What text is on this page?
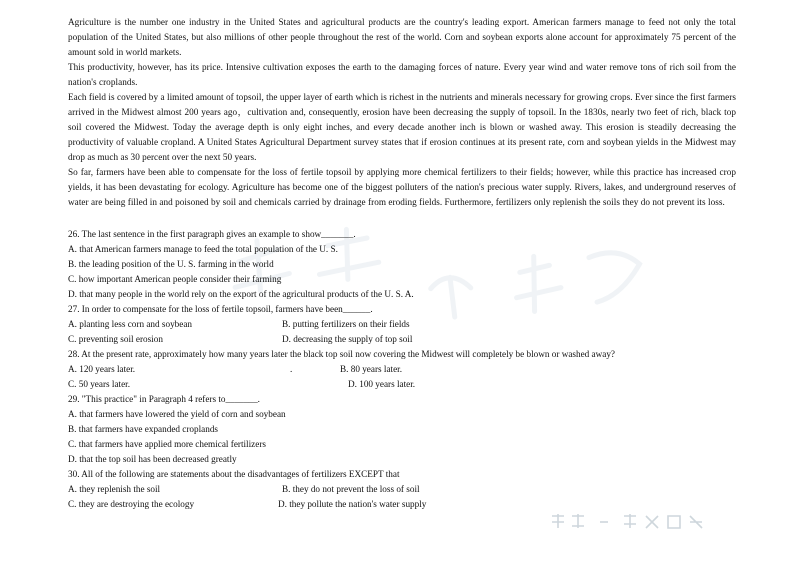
Agriculture is the number one industry in the United States and agricultural products are the country's leading export. American farmers manage to feed not only the total population of the United States, but also millions of other people throughout the rest of the world. Corn and soybean exports alone account for approximately 75 percent of the amount sold in world markets.

This productivity, however, has its price. Intensive cultivation exposes the earth to the damaging forces of nature. Every year wind and water remove tons of rich soil from the nation's croplands.

Each field is covered by a limited amount of topsoil, the upper layer of earth which is richest in the nutrients and minerals necessary for growing crops. Ever since the first farmers arrived in the Midwest almost 200 years ago，cultivation and, consequently, erosion have been decreasing the supply of topsoil. In the 1830s, nearly two feet of rich, black top soil covered the Midwest. Today the average depth is only eight inches, and every decade another inch is blown or washed away. This erosion is steadily decreasing the productivity of valuable cropland. A United States Agricultural Department survey states that if erosion continues at its present rate, corn and soybean yields in the Midwest may drop as much as 30 percent over the next 50 years.

So far, farmers have been able to compensate for the loss of fertile topsoil by applying more chemical fertilizers to their fields; however, while this practice has increased crop yields, it has been devastating for ecology. Agriculture has become one of the biggest polluters of the nation's precious water supply. Rivers, lakes, and underground reserves of water are being filled in and poisoned by soil and chemicals carried by drainage from eroding fields. Furthermore, fertilizers only replenish the soils they do not prevent its loss.

26. The last sentence in the first paragraph gives an example to show_______.
A. that American farmers manage to feed the total population of the U. S.
B. the leading position of the U. S. farming in the world
C. how important American people consider their farming
D. that many people in the world rely on the export of the agricultural products of the U. S. A.
27. In order to compensate for the loss of fertile topsoil, farmers have been______.
A. planting less corn and soybean	B. putting fertilizers on their fields
C. preventing soil erosion	D. decreasing the supply of top soil
28. At the present rate, approximately how many years later the black top soil now covering the Midwest will completely be blown or washed away?
A. 120 years later.	.	B. 80 years later.
C. 50 years later.	D. 100 years later.
29. "This practice" in Paragraph 4 refers to_______.
A. that farmers have lowered the yield of corn and soybean
B. that farmers have expanded croplands
C. that farmers have applied more chemical fertilizers
D. that the top soil has been decreased greatly
30. All of the following are statements about the disadvantages of fertilizers EXCEPT that
A. they replenish the soil	B. they do not prevent the loss of soil
C. they are destroying the ecology	D. they pollute the nation's water supply
